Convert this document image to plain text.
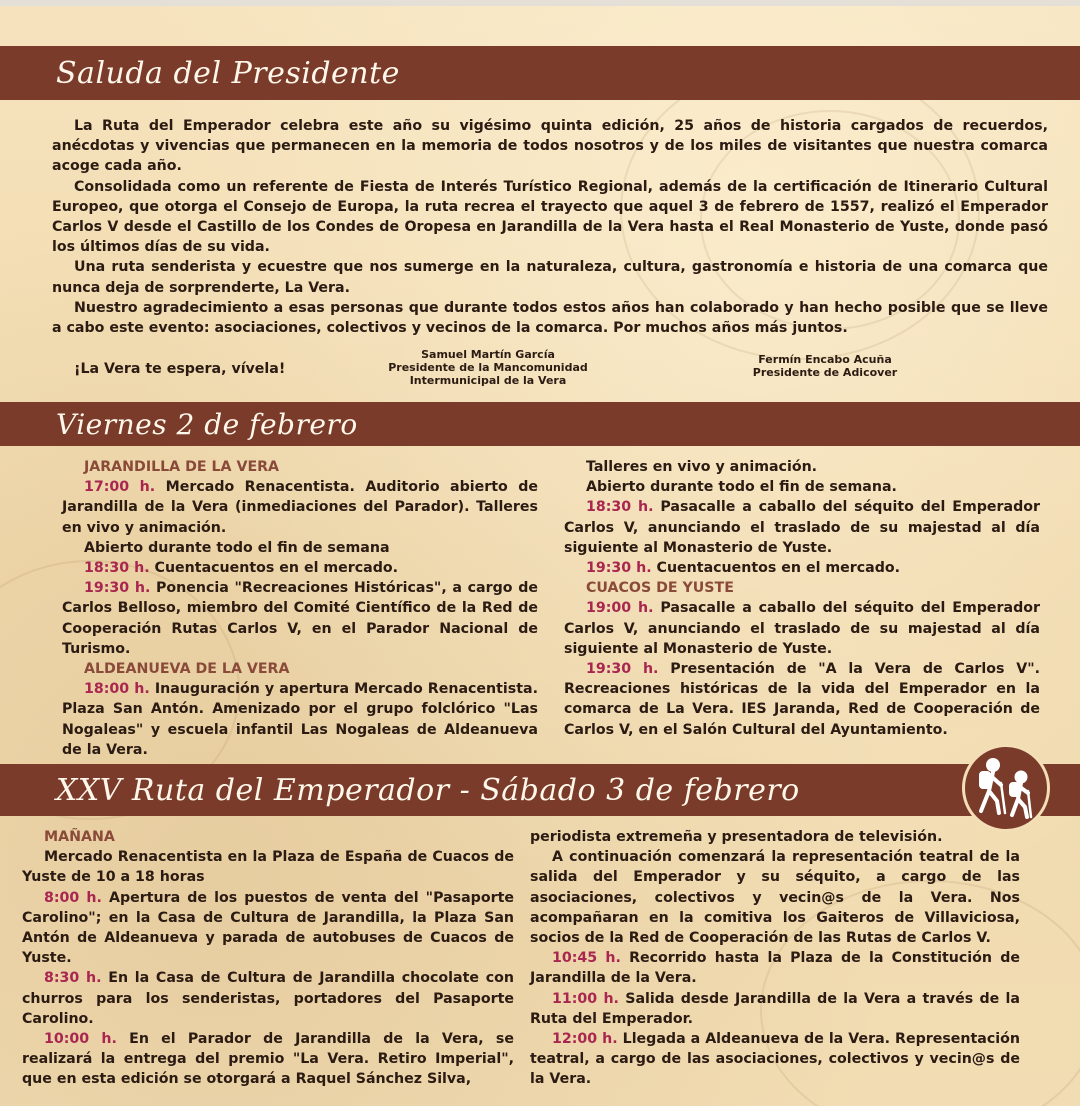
Saluda del Presidente

La Ruta del Emperador celebra este año su vigésimo quinta edición, 25 años de historia cargados de recuerdos, anécdotas y vivencias que permanecen en la memoria de todos nosotros y de los miles de visitantes que nuestra comarca acoge cada año.

Consolidada como un referente de Fiesta de Interés Turístico Regional, además de la certificación de Itinerario Cultural Europeo, que otorga el Consejo de Europa, la ruta recrea el trayecto que aquel 3 de febrero de 1557, realizó el Emperador Carlos V desde el Castillo de los Condes de Oropesa en Jarandilla de la Vera hasta el Real Monasterio de Yuste, donde pasó los últimos días de su vida.

Una ruta senderista y ecuestre que nos sumerge en la naturaleza, cultura, gastronomía e historia de una comarca que nunca deja de sorprenderte, La Vera.

Nuestro agradecimiento a esas personas que durante todos estos años han colaborado y han hecho posible que se lleve a cabo este evento: asociaciones, colectivos y vecinos de la comarca. Por muchos años más juntos.

¡La Vera te espera, vívela!
Samuel Martín García
Presidente de la Mancomunidad
Intermunicipal de la Vera
Fermín Encabo Acuña
Presidente de Adicover
Viernes 2 de febrero
JARANDILLA DE LA VERA

17:00 h. Mercado Renacentista. Auditorio abierto de Jarandilla de la Vera (inmediaciones del Parador). Talleres en vivo y animación.

Abierto durante todo el fin de semana

18:30 h. Cuentacuentos en el mercado.

19:30 h. Ponencia "Recreaciones Históricas", a cargo de Carlos Belloso, miembro del Comité Científico de la Red de Cooperación Rutas Carlos V, en el Parador Nacional de Turismo.

ALDEANUEVA DE LA VERA

18:00 h. Inauguración y apertura Mercado Renacentista. Plaza San Antón. Amenizado por el grupo folclórico "Las Nogaleas" y escuela infantil Las Nogaleas de Aldeanueva de la Vera.

Talleres en vivo y animación.

Abierto durante todo el fin de semana.

18:30 h. Pasacalle a caballo del séquito del Emperador Carlos V, anunciando el traslado de su majestad al día siguiente al Monasterio de Yuste.

19:30 h. Cuentacuentos en el mercado.

CUACOS DE YUSTE

19:00 h. Pasacalle a caballo del séquito del Emperador Carlos V, anunciando el traslado de su majestad al día siguiente al Monasterio de Yuste.

19:30 h. Presentación de "A la Vera de Carlos V". Recreaciones históricas de la vida del Emperador en la comarca de La Vera. IES Jaranda, Red de Cooperación de Carlos V, en el Salón Cultural del Ayuntamiento.

XXV Ruta del Emperador - Sábado 3 de febrero
MAÑANA

Mercado Renacentista en la Plaza de España de Cuacos de Yuste de 10 a 18 horas

8:00 h. Apertura de los puestos de venta del "Pasaporte Carolino"; en la Casa de Cultura de Jarandilla, la Plaza San Antón de Aldeanueva y parada de autobuses de Cuacos de Yuste.

8:30 h. En la Casa de Cultura de Jarandilla chocolate con churros para los senderistas, portadores del Pasaporte Carolino.

10:00 h. En el Parador de Jarandilla de la Vera, se realizará la entrega del premio "La Vera. Retiro Imperial", que en esta edición se otorgará a Raquel Sánchez Silva,

periodista extremeña y presentadora de televisión.

A continuación comenzará la representación teatral de la salida del Emperador y su séquito, a cargo de las asociaciones, colectivos y vecin@s de la Vera. Nos acompañaran en la comitiva los Gaiteros de Villaviciosa, socios de la Red de Cooperación de las Rutas de Carlos V.

10:45 h. Recorrido hasta la Plaza de la Constitución de Jarandilla de la Vera.

11:00 h. Salida desde Jarandilla de la Vera a través de la Ruta del Emperador.

12:00 h. Llegada a Aldeanueva de la Vera. Representación teatral, a cargo de las asociaciones, colectivos y vecin@s de la Vera.
